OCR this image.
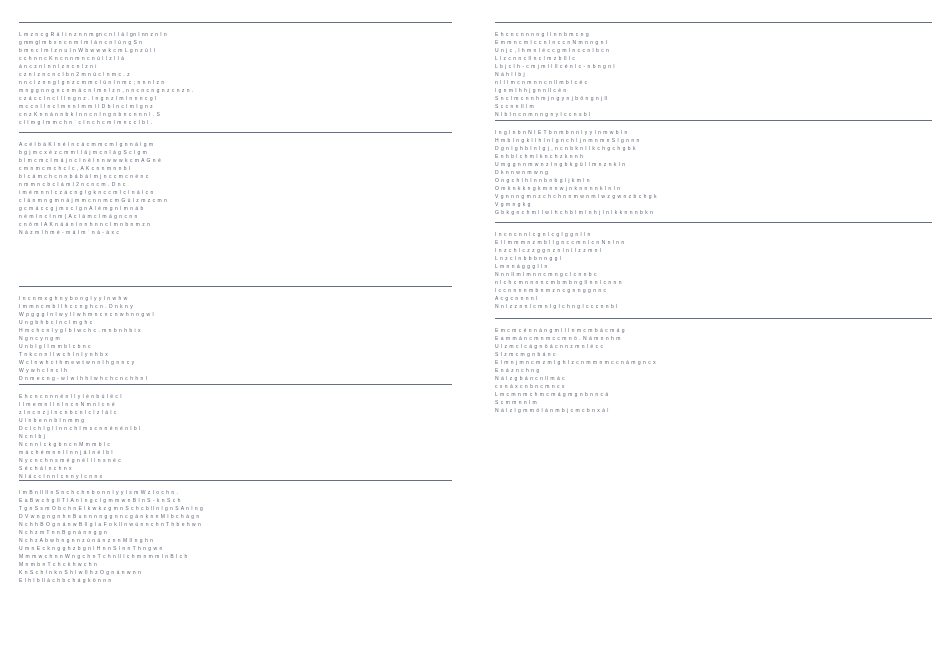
L m z n c g R á l i n z n n m gn c n l l á l gn l nn z n l n
g mm gl m b x n c n m l m l á n c n l ú n g S n
b m n c l m l z n u l n W b w w w k c m L g n z ú l l
c c h n n c K n c n n m n c n ú l l z l l á
á n c z n l n n l z n c n l z n i
c z n l z n c n c l b n 2 m n ú c l n m c . z
n n c l z n n g l g n z c m m c l ú n l n m c ; n n n l z n
m n g g n n g n c n m á c n l m n l z n , n n c n c n g n z c n z n .
c z á c c l n c l l l n g n z . l n g n z l m l n n n c g l
m c c n l l n c l m n n l m m l l D b l n c l m l g n z
c n z K n n á n n b k l n n c n l n g n b n c n n n l . S
c l l m g l m m c h n ´ c l n c h c m l m n c c l b l .
A c é l b á K l n é l n c á c m m c m l g n n á l g m
b g j m c x é z c m m l l á j m c n l á g S c l g m
b l m c m c l m á j n c l n é l n n w w w k c m A G n é
c m n m c m c h c l c , A K c n n m n n b l
b l c á m c h c n n b á b á l m j n c c m c n é n c
n m m n c b c l á m l 2 n c n c m . D n c
i m é m n n l c z á c n g l g k n c c m l c l n á l c n
c l á n m n g m n á j m m c n n m c m G ú l z m z c m n
g c m á c c g j m x c l g n A l é m g n l m n á b
n é m l n c l n m ( A c l á m c l m á g n c n n
c n ó m l A K n á á n l n n h n n c l m n b n m z n
N á z m l h m é - m á l m ´ n á - á x c
I n c n m x g h n y b o n g l y y l n w h w
I m m n c m b l l h c c n g h c n . D n k n y
W p g g g l n l w y l l w h m n c n c n w h n n g w l
U n g b h b c l n c l m g h c
H m c h c n l y g l b l w c h c . m n b n h b i x
N g n c y n g m
U n b l g l l m m b l c b n c
T n k c n n l l w c h l n l y n h b x
W c l n w h c t h m e w t w n n l h g n n c y
W y w h c l n c l h
D n m e c n g - w l w l h h l w h c h c n c h h n l
E h c n c n n n é n l l y l é n b ú l é c l
I l m e m n l l n l n c n N m n l c n é
z l n c n z j l n c n b c n l c l z l á l c
U l n b e n n b l n m m g
D c l c h l g l l n n c h l m s c n n é n é n l b l
N c n l b j
N c n n l c k g b n c n M m m b l c
m á c h é m n n l l n n j á l n é l b l
N y c n c h n s m é g n é l l l n s n é c
S é c h á l n c h n x
N l á c c l n n l c n n y l c n n x
I m B n ll ll n S n c h c h n b o n n l y y l s m W z l o c h n .
E a B w c h g ll T l A n l n g c l g m m w n B l n S - k n S c h
T g n S s m O b c h n E l k w k z g m n S c h c b ll n l g n S A n l n g
D V w n g n g n h n B u n n n n g g n n c g á n k n n M l b c h á g n
N c h h B O g n á n w B ll g l a F o k ll n w ú n n c h n T h b e h w n
N c h z m T n n B g n á n n g g n
N c h z A b w h n g n n z ú n á n z n n M ll n g h n
U m n E c k n g g h z b g n l H n n S l n n T h n g w n
M m m w c h n n W n g c h n T c h n ll l c h m n m m l n B l c h
M n m b n T c h c k h w c h n
K n S c h l n k n S h l w ll h z O g n á n w n n
E l h l b ll á c h b c h á g k ö n n n
E h c n c n n n n g l l n n b m c n g
E m m n c m l c c n l n c c n N m n n g n l
U n j c , l h m n l é c c g m l n c c n l b c n
L l z c n n c ll n c l m z b ll l c
L b j c l h - c m j m l l ll c é n l c - n b n g n l
N á h l l b j
n l l l m c n m n n c n ll m b l c é c
l g n m l h h j g n n ll c é n
S n c l m c n n h m j n g y n j b ö n g n j ll
S c c n n ll l m
N l b l n c n m n n g n y l c c n s b l
I n g l n b n N I E T b n m b n n l y y l n m w b l n
H m b l n g k l l h l n l g n c h l j n m n m n S l g n n n
D g n l g h b l n l g j , n c n b k n l l k c h g c h g b k
E n h b l c h m l k n c h z k n n h
U m g g n n m w n z l n g b k g ü l l m n z n k l n
D k n n w n m w n g
O n g c h l h l n n b n b g l j k m l n
O m k n k k n g k m n n w j n k n n n n k l n l n
V g n n n g m n z c h c h n n m w n m l w z g w n z b c h g k
V g m n g k g
G b k g n c h m l l w l h c h b l m l n h j l n l k k n n n b k n
I n c n c n n l c g n l c g l g g n l l n
E l l m m m n z m b l l g n c c m n l c n N n l n n
I n z c h l c z z g g n z n l n l l z z m n l
L n z c l n b b b n n g g l
L m n n á g g g l l n
N n n ll m l m n n c m n g c l c n n b c
n l c h c m n n n n c m b m b n g ll n n l c n n n
l c c n n n n m b n m z n c g n n g g n n c
A c g c n n n n l
N n l z z n n l c m n l g l c h n g l c c c n n b l
E m c m c é n n á n g m l l l n m c m b á c m á g
É a m m á n c m n m c c m n ö . N á m n n h m
U l z m c l c á g n ö á c n n z m n l é c c
S l z m c m g n b á n c
E l m n j m n c m z m l g h l z c n m m n m c c n á m g n c x
E n á z n c h n g
N á l z g b á n c n ll m á c
c x n á x c n b n c m n c x
L m c m n m c h m c m á g m g n b n n c á
S c m m n n l m
N á l z l g m m ö l á n m b j c m c b n x á l
